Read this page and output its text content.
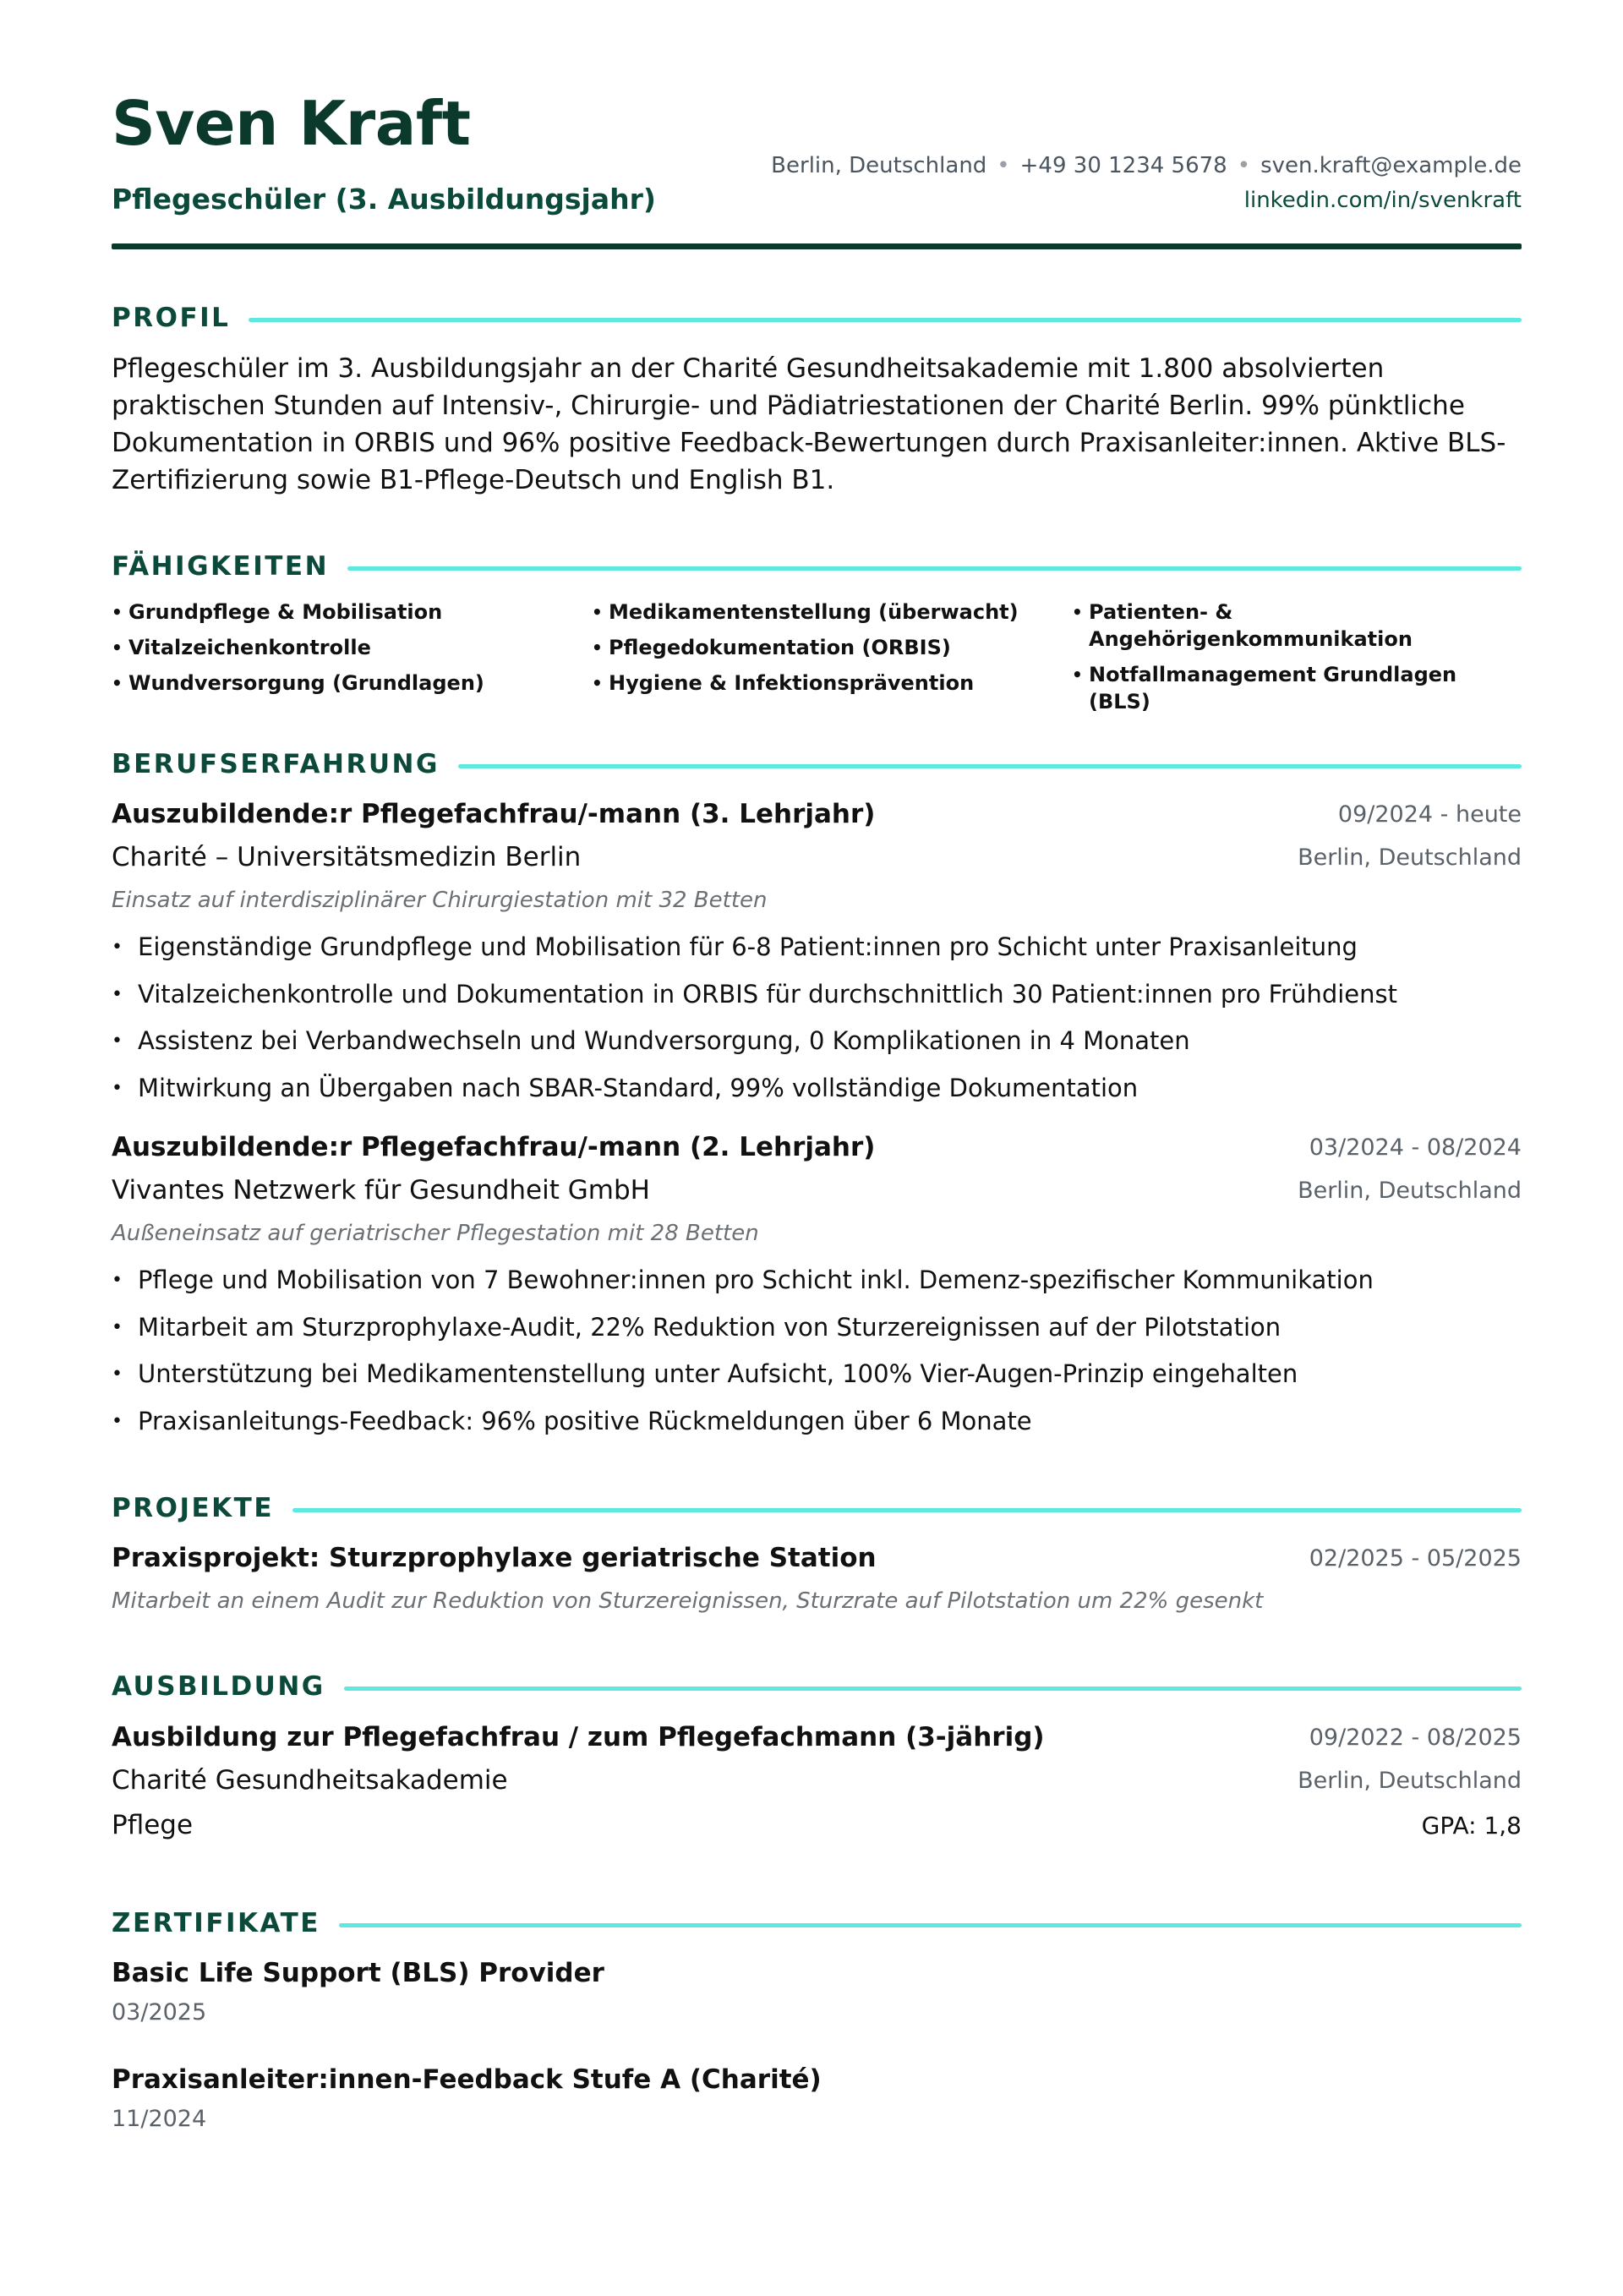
Sven Kraft
Pflegeschüler (3. Ausbildungsjahr)
Berlin, Deutschland • +49 30 1234 5678 • sven.kraft@example.de
linkedin.com/in/svenkraft
PROFIL
Pflegeschüler im 3. Ausbildungsjahr an der Charité Gesundheitsakademie mit 1.800 absolvierten praktischen Stunden auf Intensiv-, Chirurgie- und Pädiatriestationen der Charité Berlin. 99% pünktliche Dokumentation in ORBIS und 96% positive Feedback-Bewertungen durch Praxisanleiter:innen. Aktive BLS-Zertifizierung sowie B1-Pflege-Deutsch und English B1.
FÄHIGKEITEN
• Grundpflege & Mobilisation
• Vitalzeichenkontrolle
• Wundversorgung (Grundlagen)
• Medikamentenstellung (überwacht)
• Pflegedokumentation (ORBIS)
• Hygiene & Infektionsprävention
• Patienten- & Angehörigenkommunikation
• Notfallmanagement Grundlagen (BLS)
BERUFSERFAHRUNG
Auszubildende:r Pflegefachfrau/-mann (3. Lehrjahr)	09/2024 - heute
Charité – Universitätsmedizin Berlin	Berlin, Deutschland
Einsatz auf interdisziplinärer Chirurgiestation mit 32 Betten
• Eigenständige Grundpflege und Mobilisation für 6-8 Patient:innen pro Schicht unter Praxisanleitung
• Vitalzeichenkontrolle und Dokumentation in ORBIS für durchschnittlich 30 Patient:innen pro Frühdienst
• Assistenz bei Verbandwechseln und Wundversorgung, 0 Komplikationen in 4 Monaten
• Mitwirkung an Übergaben nach SBAR-Standard, 99% vollständige Dokumentation
Auszubildende:r Pflegefachfrau/-mann (2. Lehrjahr)	03/2024 - 08/2024
Vivantes Netzwerk für Gesundheit GmbH	Berlin, Deutschland
Außeneinsatz auf geriatrischer Pflegestation mit 28 Betten
• Pflege und Mobilisation von 7 Bewohner:innen pro Schicht inkl. Demenz-spezifischer Kommunikation
• Mitarbeit am Sturzprophylaxe-Audit, 22% Reduktion von Sturzereignissen auf der Pilotstation
• Unterstützung bei Medikamentenstellung unter Aufsicht, 100% Vier-Augen-Prinzip eingehalten
• Praxisanleitungs-Feedback: 96% positive Rückmeldungen über 6 Monate
PROJEKTE
Praxisprojekt: Sturzprophylaxe geriatrische Station	02/2025 - 05/2025
Mitarbeit an einem Audit zur Reduktion von Sturzereignissen, Sturzrate auf Pilotstation um 22% gesenkt
AUSBILDUNG
Ausbildung zur Pflegefachfrau / zum Pflegefachmann (3-jährig)	09/2022 - 08/2025
Charité Gesundheitsakademie	Berlin, Deutschland
Pflege	GPA: 1,8
ZERTIFIKATE
Basic Life Support (BLS) Provider
03/2025
Praxisanleiter:innen-Feedback Stufe A (Charité)
11/2024
